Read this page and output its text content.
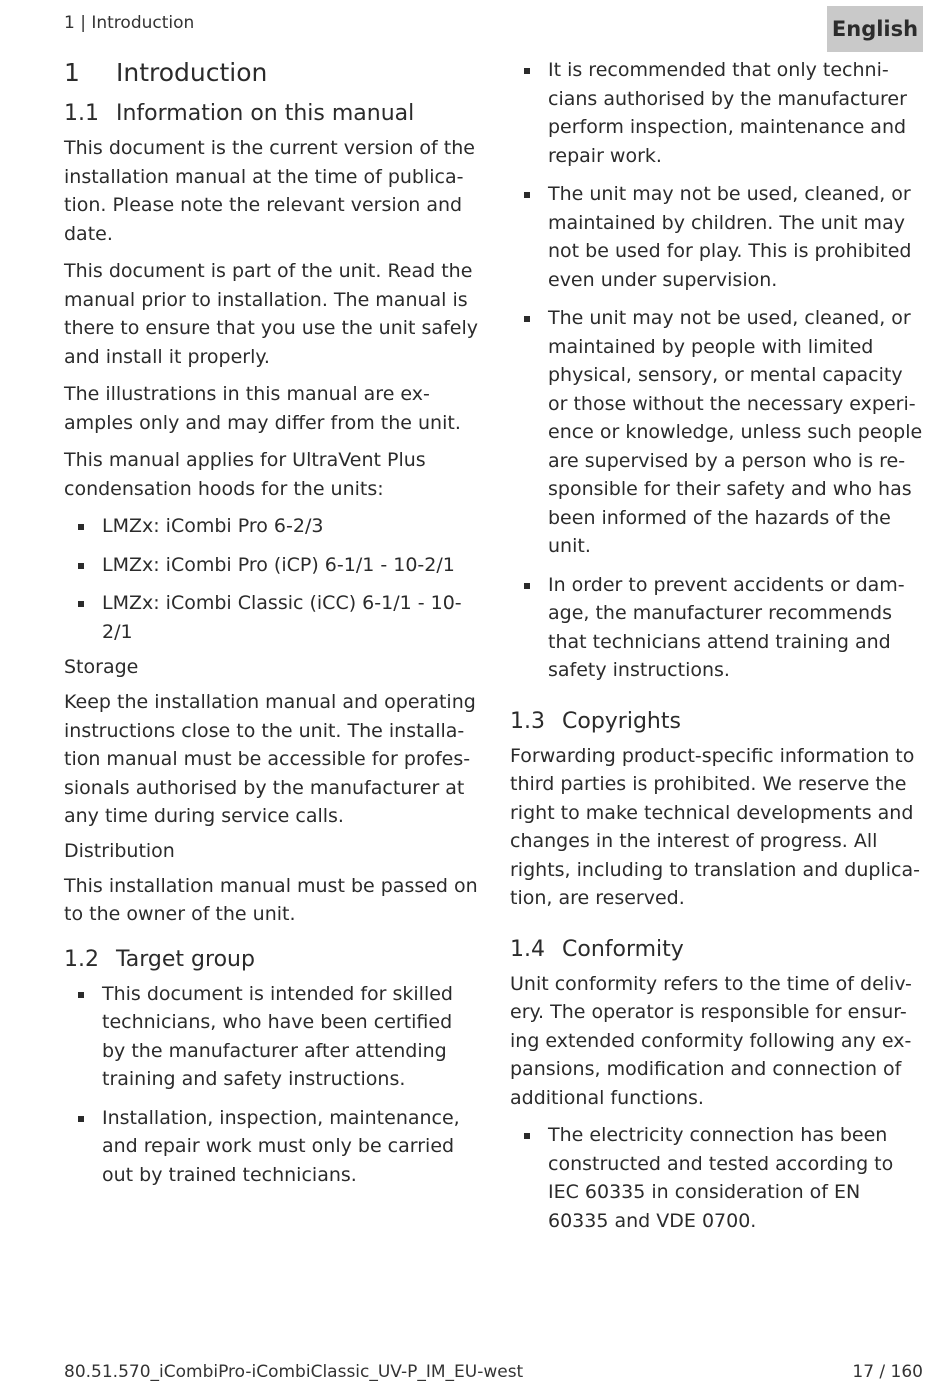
1 | Introduction	English
1	Introduction
1.1 Information on this manual

This document is the current version of the installation manual at the time of publica-tion. Please note the relevant version and date.

This document is part of the unit. Read the manual prior to installation. The manual is there to ensure that you use the unit safely and install it properly.

The illustrations in this manual are ex-amples only and may differ from the unit.

This manual applies for UltraVent Plus condensation hoods for the units:

LMZx: iCombi Pro 6-2/3
LMZx: iCombi Pro (iCP) 6-1/1 - 10-2/1
LMZx: iCombi Classic (iCC) 6-1/1 - 10-2/1
Storage

Keep the installation manual and operating instructions close to the unit. The installa-tion manual must be accessible for profes-sionals authorised by the manufacturer at any time during service calls.

Distribution

This installation manual must be passed on to the owner of the unit.

1.2 Target group
This document is intended for skilled technicians, who have been certified by the manufacturer after attending training and safety instructions.
Installation, inspection, maintenance, and repair work must only be carried out by trained technicians.
It is recommended that only techni-cians authorised by the manufacturer perform inspection, maintenance and repair work.
The unit may not be used, cleaned, or maintained by children. The unit may not be used for play. This is prohibited even under supervision.
The unit may not be used, cleaned, or maintained by people with limited physical, sensory, or mental capacity or those without the necessary experi-ence or knowledge, unless such people are supervised by a person who is re-sponsible for their safety and who has been informed of the hazards of the unit.
In order to prevent accidents or dam-age, the manufacturer recommends that technicians attend training and safety instructions.
1.3 Copyrights

Forwarding product-specific information to third parties is prohibited. We reserve the right to make technical developments and changes in the interest of progress. All rights, including to translation and duplica-tion, are reserved.

1.4 Conformity

Unit conformity refers to the time of deliv-ery. The operator is responsible for ensur-ing extended conformity following any ex-pansions, modification and connection of additional functions.

The electricity connection has been constructed and tested according to IEC 60335 in consideration of EN 60335 and VDE 0700.
80.51.570_iCombiPro-iCombiClassic_UV-P_IM_EU-west	17 / 160
